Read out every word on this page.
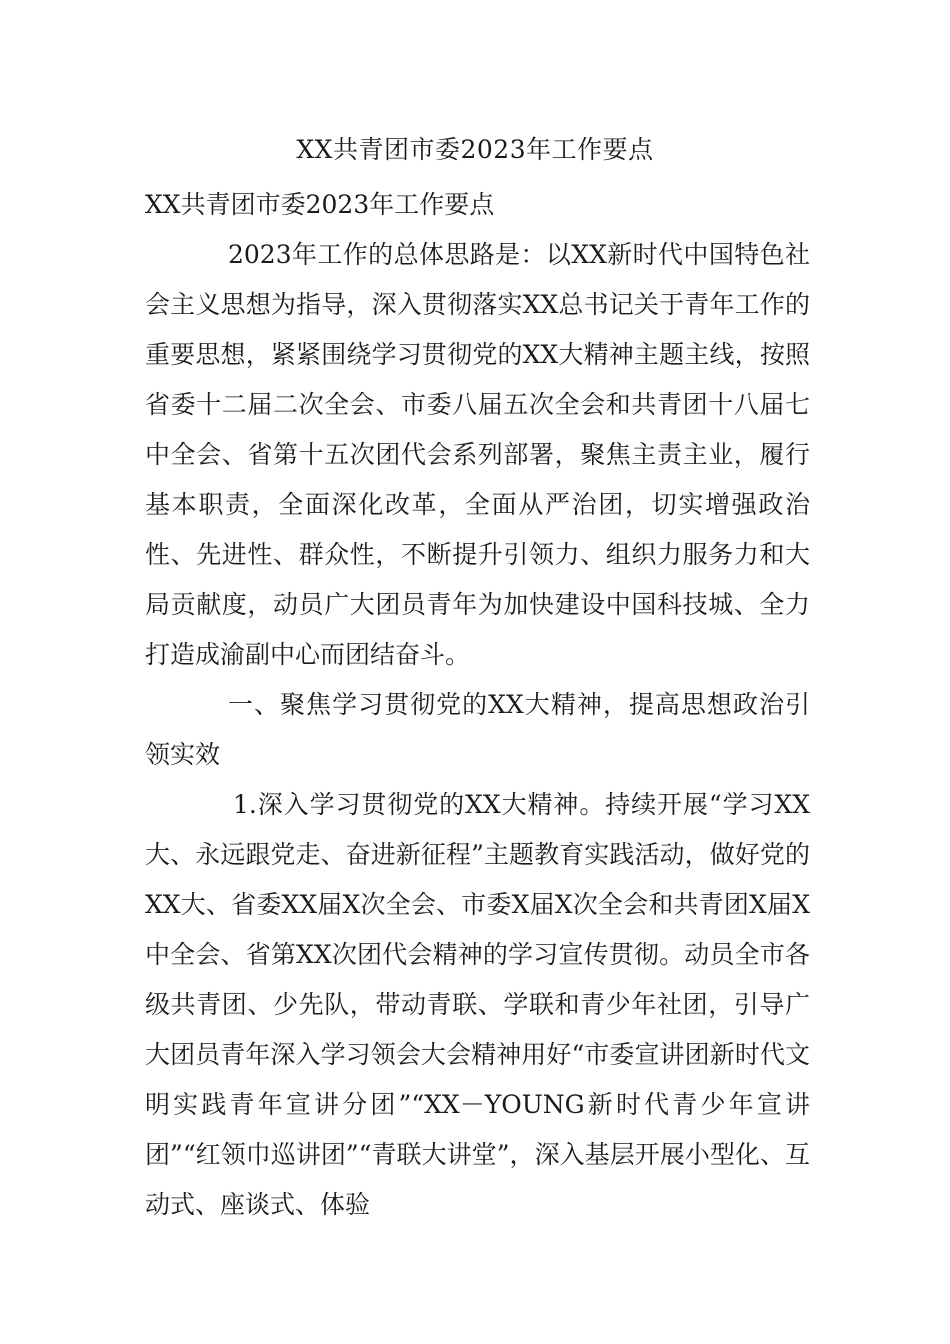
XX共青团市委2023年工作要点

XX共青团市委2023年工作要点

2023年工作的总体思路是：以XX新时代中国特色社会主义思想为指导，深入贯彻落实XX总书记关于青年工作的重要思想，紧紧围绕学习贯彻党的XX大精神主题主线，按照省委十二届二次全会、市委八届五次全会和共青团十八届七中全会、省第十五次团代会系列部署，聚焦主责主业，履行基本职责，全面深化改革，全面从严治团，切实增强政治性、先进性、群众性，不断提升引领力、组织力服务力和大局贡献度，动员广大团员青年为加快建设中国科技城、全力打造成渝副中心而团结奋斗。

一、聚焦学习贯彻党的XX大精神，提高思想政治引领实效

1.深入学习贯彻党的XX大精神。持续开展“学习XX大、永远跟党走、奋进新征程”主题教育实践活动，做好党的XX大、省委XX届X次全会、市委X届X次全会和共青团X届X中全会、省第XX次团代会精神的学习宣传贯彻。动员全市各级共青团、少先队，带动青联、学联和青少年社团，引导广大团员青年深入学习领会大会精神用好“市委宣讲团新时代文明实践青年宣讲分团”“XX－YOUNG新时代青少年宣讲团”“红领巾巡讲团”“青联大讲堂”，深入基层开展小型化、互动式、座谈式、体验
